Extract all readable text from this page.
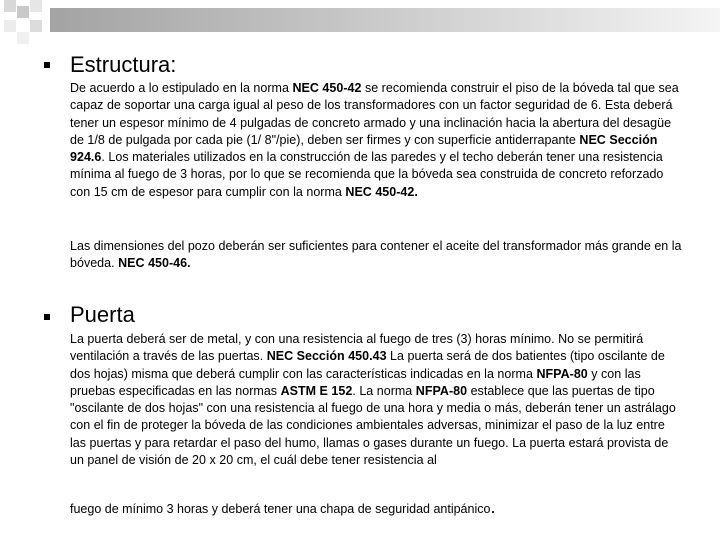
Estructura:

De acuerdo a lo estipulado en la norma NEC 450-42 se recomienda construir el piso de la bóveda tal que sea capaz de soportar una carga igual al peso de los transformadores con un factor seguridad de 6. Esta deberá tener un espesor mínimo de 4 pulgadas de concreto armado y una inclinación hacia la abertura del desagüe de 1/8 de pulgada por cada pie (1/ 8"/pie), deben ser firmes y con superficie antiderrapante NEC Sección 924.6. Los materiales utilizados en la construcción de las paredes y el techo deberán tener una resistencia mínima al fuego de 3 horas, por lo que se recomienda que la bóveda sea construida de concreto reforzado con 15 cm de espesor para cumplir con la norma NEC 450-42.

Las dimensiones del pozo deberán ser suficientes para contener el aceite del transformador más grande en la bóveda. NEC 450-46.

Puerta

La puerta deberá ser de metal, y con una resistencia al fuego de tres (3) horas mínimo. No se permitirá ventilación a través de las puertas. NEC Sección 450.43 La puerta será de dos batientes (tipo oscilante de dos hojas) misma que deberá cumplir con las características indicadas en la norma NFPA-80 y con las pruebas especificadas en las normas ASTM E 152. La norma NFPA-80 establece que las puertas de tipo "oscilante de dos hojas" con una resistencia al fuego de una hora y media o más, deberán tener un astrálago con el fin de proteger la bóveda de las condiciones ambientales adversas, minimizar el paso de la luz entre las puertas y para retardar el paso del humo, llamas o gases durante un fuego. La puerta estará provista de un panel de visión de 20 x 20 cm, el cuál debe tener resistencia al

fuego de mínimo 3 horas y deberá tener una chapa de seguridad antipánico.
